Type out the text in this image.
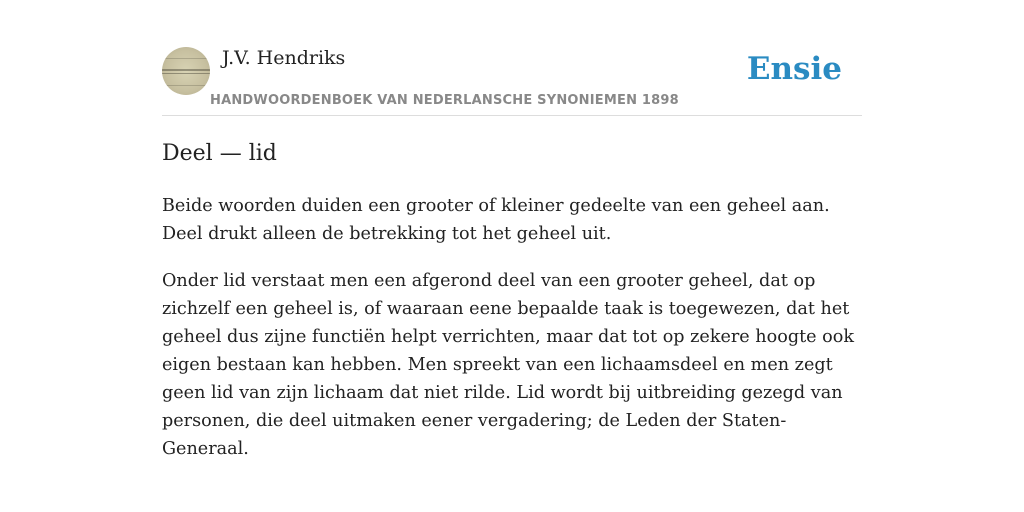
J.V. Hendriks
HANDWOORDENBOEK VAN NEDERLANSCHE SYNONIEMEN 1898
Ensie
Deel — lid

Beide woorden duiden een grooter of kleiner gedeelte van een geheel aan. Deel drukt alleen de betrekking tot het geheel uit.

Onder lid verstaat men een afgerond deel van een grooter geheel, dat op zichzelf een geheel is, of waaraan eene bepaalde taak is toegewezen, dat het geheel dus zijne functiën helpt verrichten, maar dat tot op zekere hoogte ook eigen bestaan kan hebben. Men spreekt van een lichaamsdeel en men zegt geen lid van zijn lichaam dat niet rilde. Lid wordt bij uitbreiding gezegd van personen, die deel uitmaken eener vergadering; de Leden der Staten-Generaal.
